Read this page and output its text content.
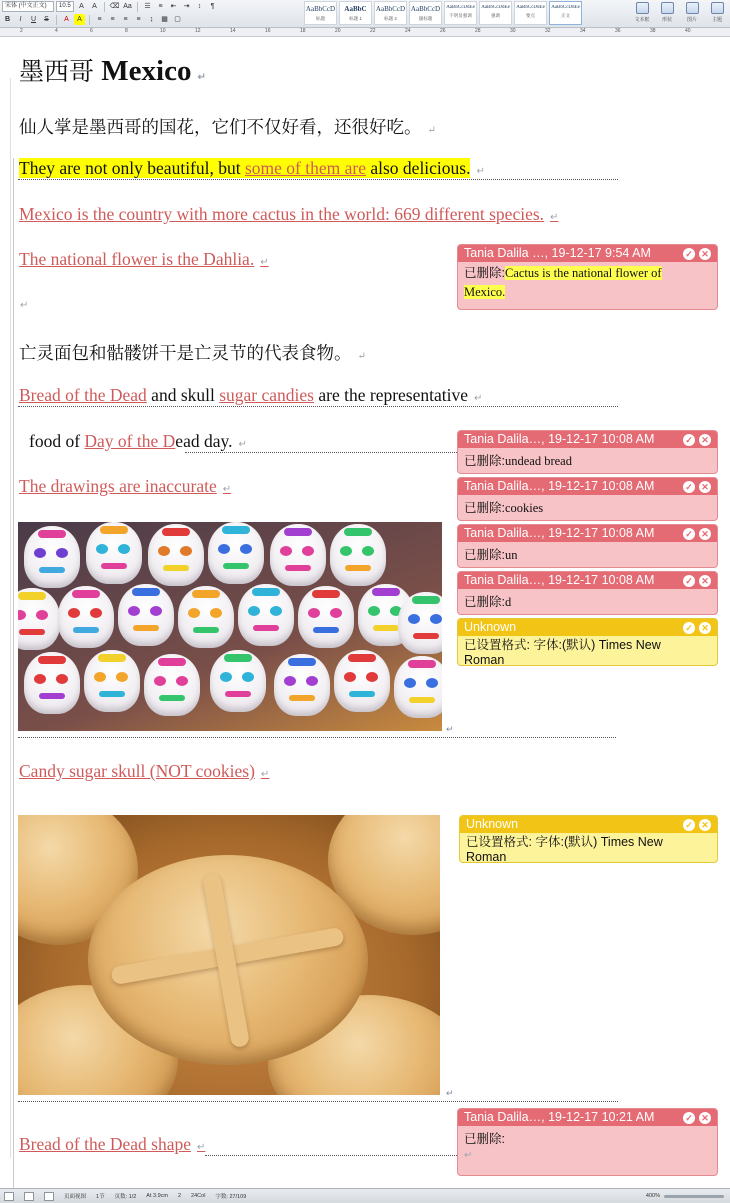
宋体 (中文正文)	10.5	A	A	⌫ Aa	☰	≡	⇤	⇥	↕	¶
B	I	U	S	A	A	≡	≡	≡	≡	↨	▦ ▢
AaBbCcD
标题
AaBbC
标题 1
AaBbCcD
标题 2
AaBbCcD
副标题
AaBbCcDdEe
不明显强调
AaBbCcDdEe
强调
AaBbCcDdEe
要点
AaBbCcDdEe
正文
文本框	形状	图片	主题
2	4	6	8	10	12	14	16	18	20	22	24	26	28	30	32	34	36	38	40
墨西哥 Mexico ↵
仙人掌是墨西哥的国花，它们不仅好看，还很好吃。 ↵
They are not only beautiful, but some of them are also delicious. ↵
Mexico is the country with more cactus in the world: 669 different species. ↵
The national flower is the Dahlia. ↵
↵
亡灵面包和骷髅饼干是亡灵节的代表食物。 ↵
Bread of the Dead and skull sugar candies are the representative ↵
food of Day of the Dead day. ↵
The drawings are inaccurate ↵
↵
Candy sugar skull (NOT cookies) ↵
↵
Bread of the Dead shape ↵
Tania Dalila …, 19-12-17 9:54 AM	✓ ✕
已删除:Cactus is the national flower of
Mexico.
Tania Dalila…, 19-12-17 10:08 AM	✓ ✕
已删除:undead bread
Tania Dalila…, 19-12-17 10:08 AM	✓ ✕
已删除:cookies
Tania Dalila…, 19-12-17 10:08 AM	✓ ✕
已删除:un
Tania Dalila…, 19-12-17 10:08 AM	✓ ✕
已删除:d
Unknown	✓ ✕
已设置格式: 字体:(默认) Times New
Roman
Unknown	✓ ✕
已设置格式: 字体:(默认) Times New
Roman
Tania Dalila…, 19-12-17 10:21 AM	✓ ✕
已删除:
↵
页面视图 1节 页数: 1/2 At 3.9cm 2 24Col 字数: 27/109	400%
